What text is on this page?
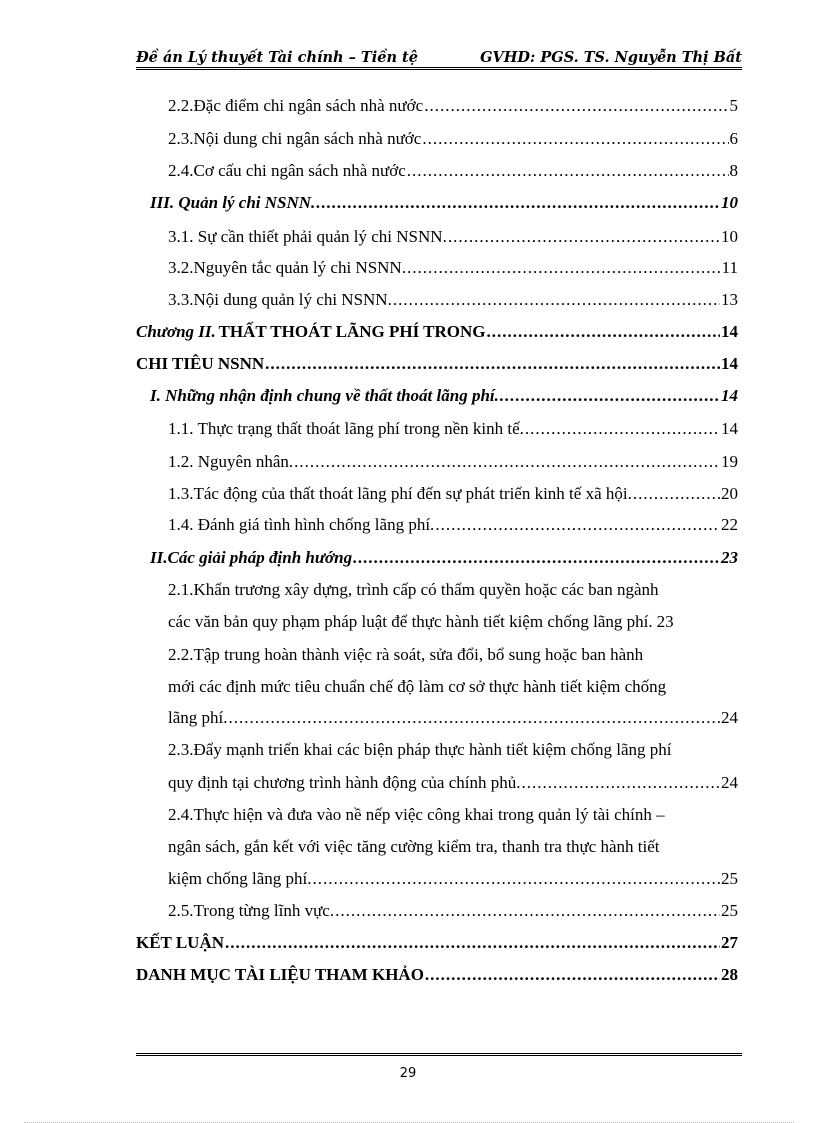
Đề án Lý thuyết Tài chính – Tiền tệ	GVHD: PGS. TS. Nguyễn Thị Bất
2.2.Đặc điểm chi ngân sách nhà nước .....	5
2.3.Nội dung chi ngân sách nhà nước .....	6
2.4.Cơ cấu chi ngân sách nhà nước .....	8
III. Quản lý chi NSNN. .....	10
3.1. Sự cần thiết phải quản lý chi NSNN. .....	10
3.2.Nguyên tắc quản lý chi NSNN. .....	11
3.3.Nội dung quản lý chi NSNN. .....	13
Chương II. THẤT THOÁT LÃNG PHÍ TRONG .....	14
CHI TIÊU NSNN .....	14
I. Những nhận định chung về thất thoát lãng phí. .....	14
1.1. Thực trạng thất thoát lãng phí trong nền kinh tế. .....	14
1.2. Nguyên nhân. .....	19
1.3.Tác động của thất thoát lãng phí đến sự phát triển kinh tế xã hội. .....	20
1.4. Đánh giá tình hình chống lãng phí. .....	22
II.Các giải pháp định hướng .....	23
2.1.Khẩn trương xây dựng, trình cấp có thẩm quyền hoặc các ban ngành
các văn bản quy phạm pháp luật để thực hành tiết kiệm chống lãng phí. 23
2.2.Tập trung hoàn thành việc rà soát, sửa đổi, bổ sung hoặc ban hành
mới các định mức tiêu chuẩn chế độ làm cơ sở thực hành tiết kiệm chống
lãng phí. .....	24
2.3.Đẩy mạnh triển khai các biện pháp thực hành tiết kiệm chống lãng phí
quy định tại chương trình hành động của chính phủ. .....	24
2.4.Thực hiện và đưa vào nề nếp việc công khai trong quản lý tài chính –
ngân sách, gắn kết với việc tăng cường kiểm tra, thanh tra thực hành tiết
kiệm chống lãng phí. .....	25
2.5.Trong từng lĩnh vực. .....	25
KẾT LUẬN .....	27
DANH MỤC TÀI LIỆU THAM KHẢO .....	28
29
